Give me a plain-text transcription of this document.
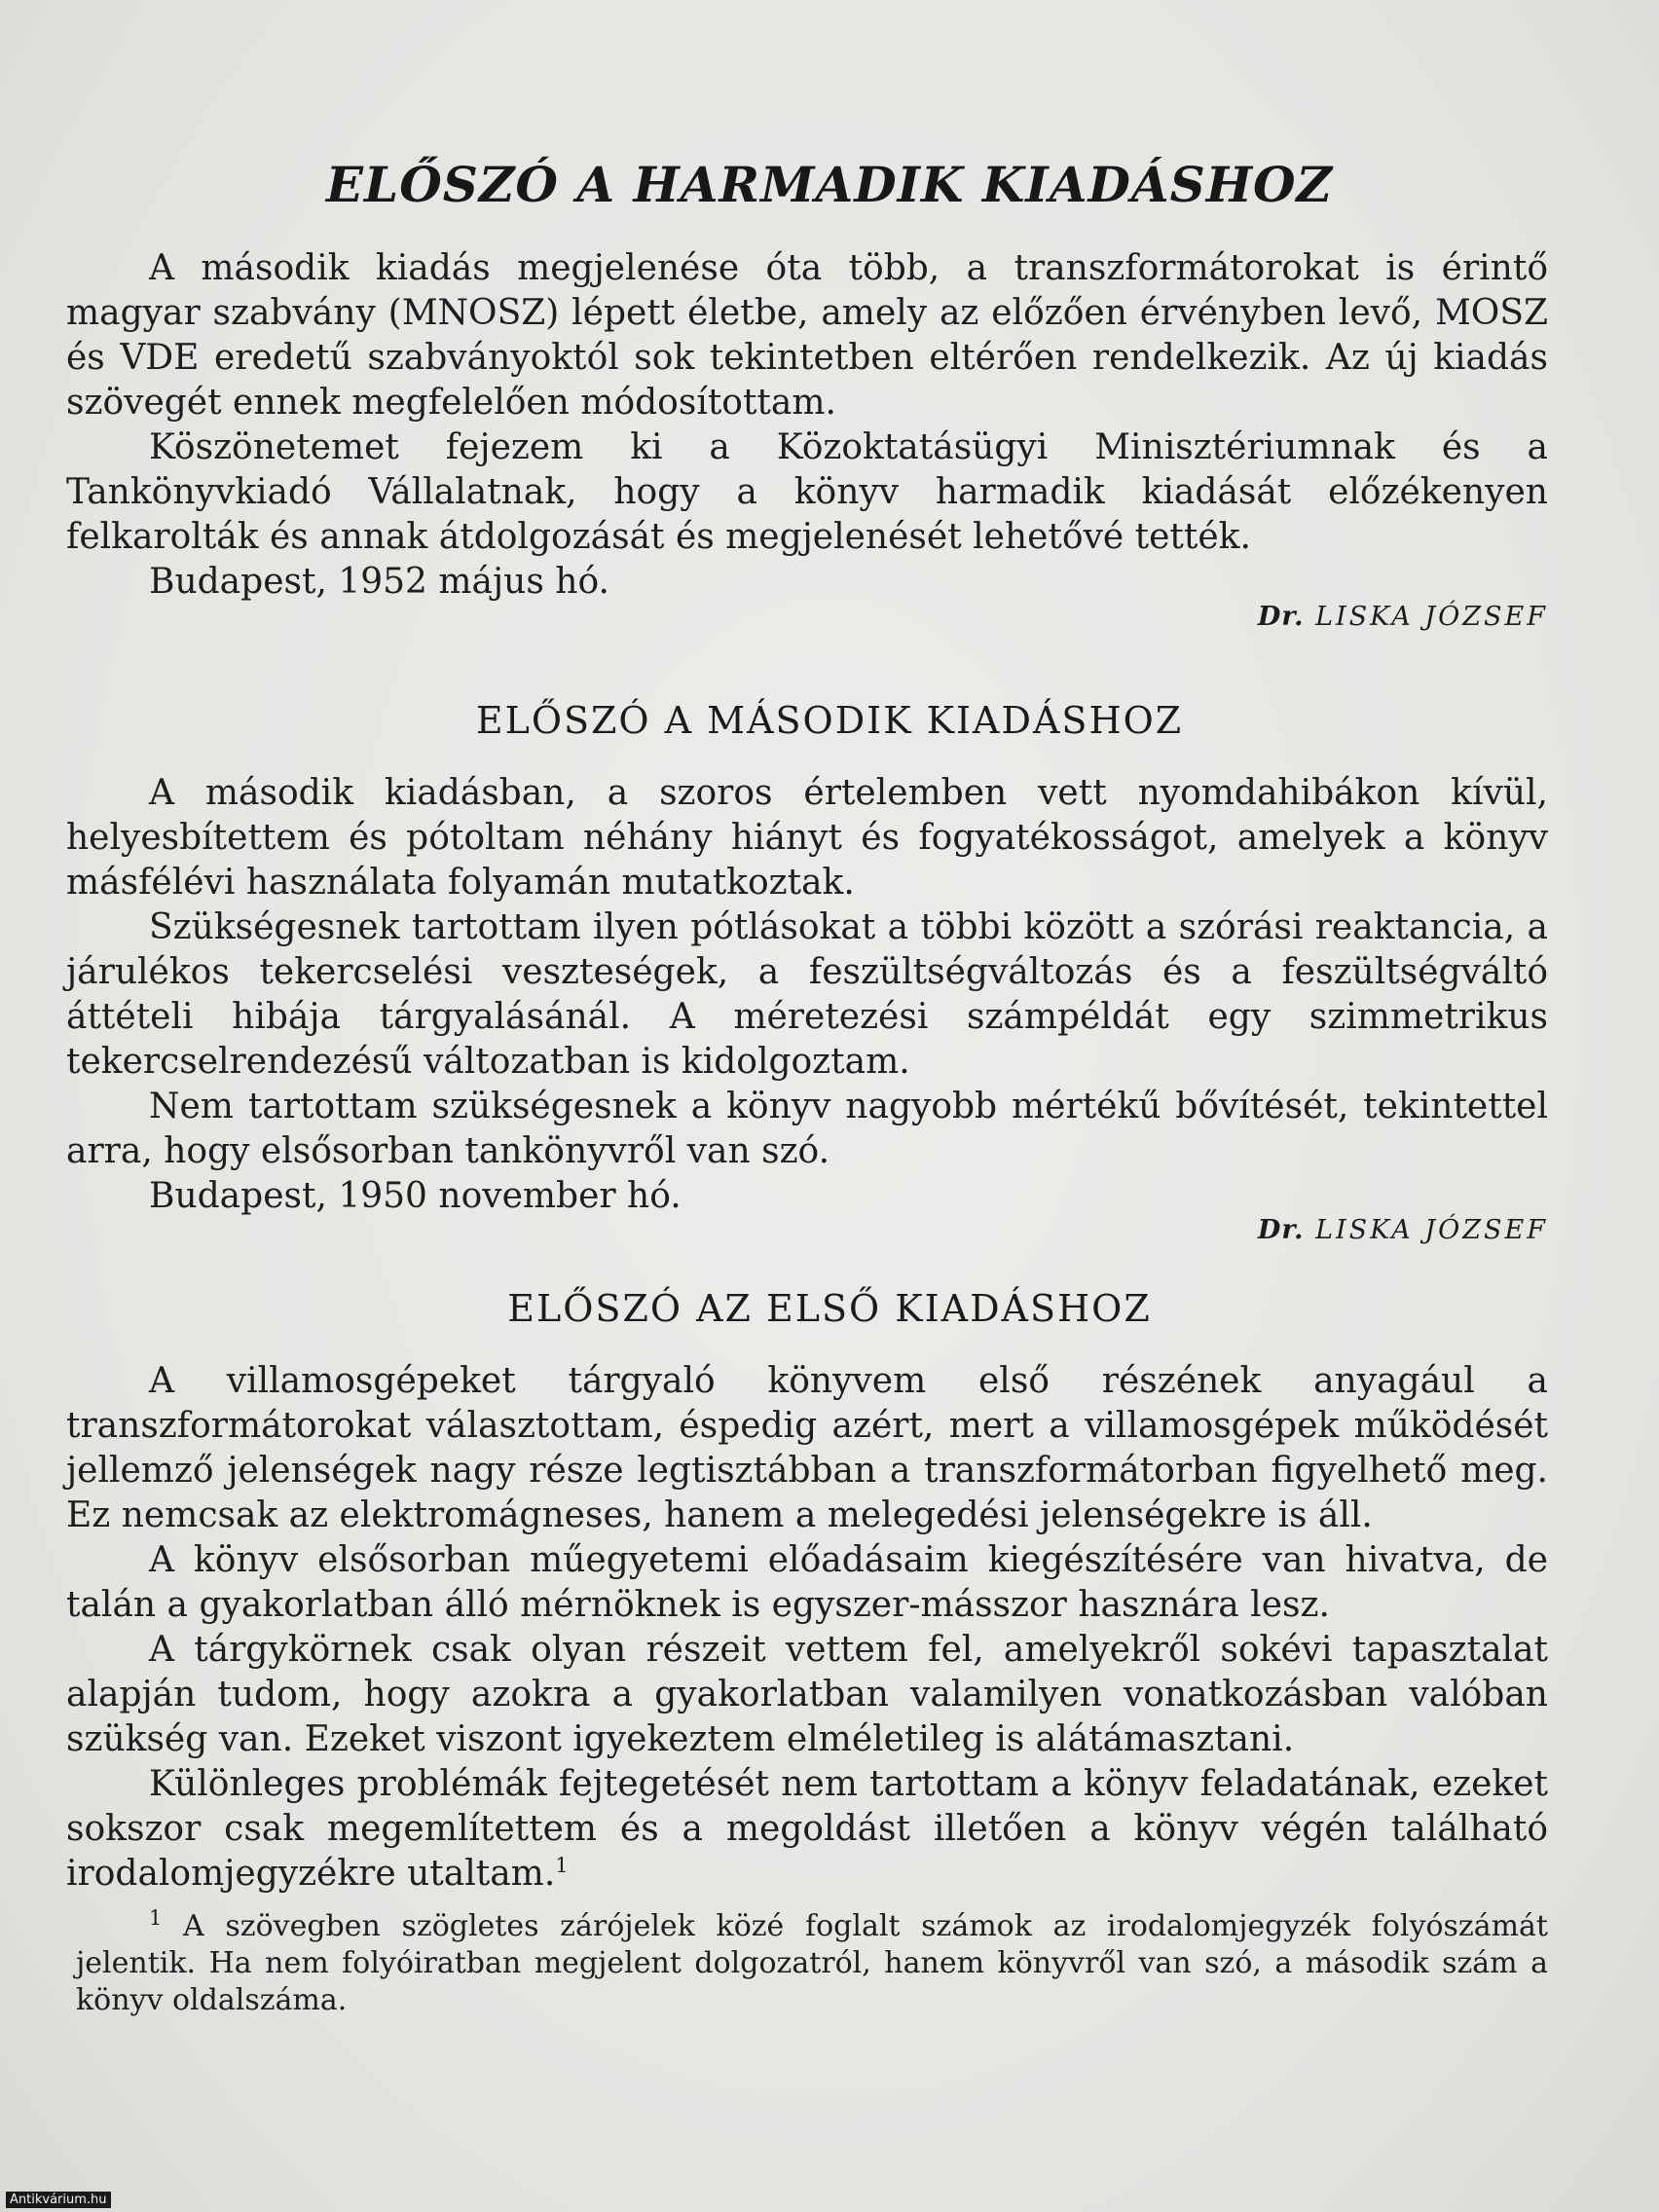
ELŐSZÓ A HARMADIK KIADÁSHOZ

A második kiadás megjelenése óta több, a transzformátorokat is érintő magyar szabvány (MNOSZ) lépett életbe, amely az előzően érvényben levő, MOSZ és VDE eredetű szabványoktól sok tekintetben eltérően rendelkezik. Az új kiadás szövegét ennek megfelelően módosítottam.

Köszönetemet fejezem ki a Közoktatásügyi Minisztériumnak és a Tankönyvkiadó Vállalatnak, hogy a könyv harmadik kiadását előzékenyen felkarolták és annak átdolgozását és megjelenését lehetővé tették.

Budapest, 1952 május hó.

Dr. LISKA JÓZSEF
ELŐSZÓ A MÁSODIK KIADÁSHOZ

A második kiadásban, a szoros értelemben vett nyomdahibákon kívül, helyesbítettem és pótoltam néhány hiányt és fogyatékosságot, amelyek a könyv másfélévi használata folyamán mutatkoztak.

Szükségesnek tartottam ilyen pótlásokat a többi között a szórási reaktancia, a járulékos tekercselési veszteségek, a feszültségváltozás és a feszültségváltó áttételi hibája tárgyalásánál. A méretezési számpéldát egy szimmetrikus tekercselrendezésű változatban is kidolgoztam.

Nem tartottam szükségesnek a könyv nagyobb mértékű bővítését, tekintettel arra, hogy elsősorban tankönyvről van szó.

Budapest, 1950 november hó.

Dr. LISKA JÓZSEF
ELŐSZÓ AZ ELSŐ KIADÁSHOZ

A villamosgépeket tárgyaló könyvem első részének anyagául a transzformátorokat választottam, éspedig azért, mert a villamosgépek működését jellemző jelenségek nagy része legtisztábban a transzformátorban figyelhető meg. Ez nemcsak az elektromágneses, hanem a melegedési jelenségekre is áll.

A könyv elsősorban műegyetemi előadásaim kiegészítésére van hivatva, de talán a gyakorlatban álló mérnöknek is egyszer-másszor hasznára lesz.

A tárgykörnek csak olyan részeit vettem fel, amelyekről sokévi tapasztalat alapján tudom, hogy azokra a gyakorlatban valamilyen vonatkozásban valóban szükség van. Ezeket viszont igyekeztem elméletileg is alátámasztani.

Különleges problémák fejtegetését nem tartottam a könyv feladatának, ezeket sokszor csak megemlítettem és a megoldást illetően a könyv végén található irodalomjegyzékre utaltam.$^1$

$^1$ A szövegben szögletes zárójelek közé foglalt számok az irodalomjegyzék folyószámát jelentik. Ha nem folyóiratban megjelent dolgozatról, hanem könyvről van szó, a második szám a könyv oldalszáma.
Antikvárium.hu
